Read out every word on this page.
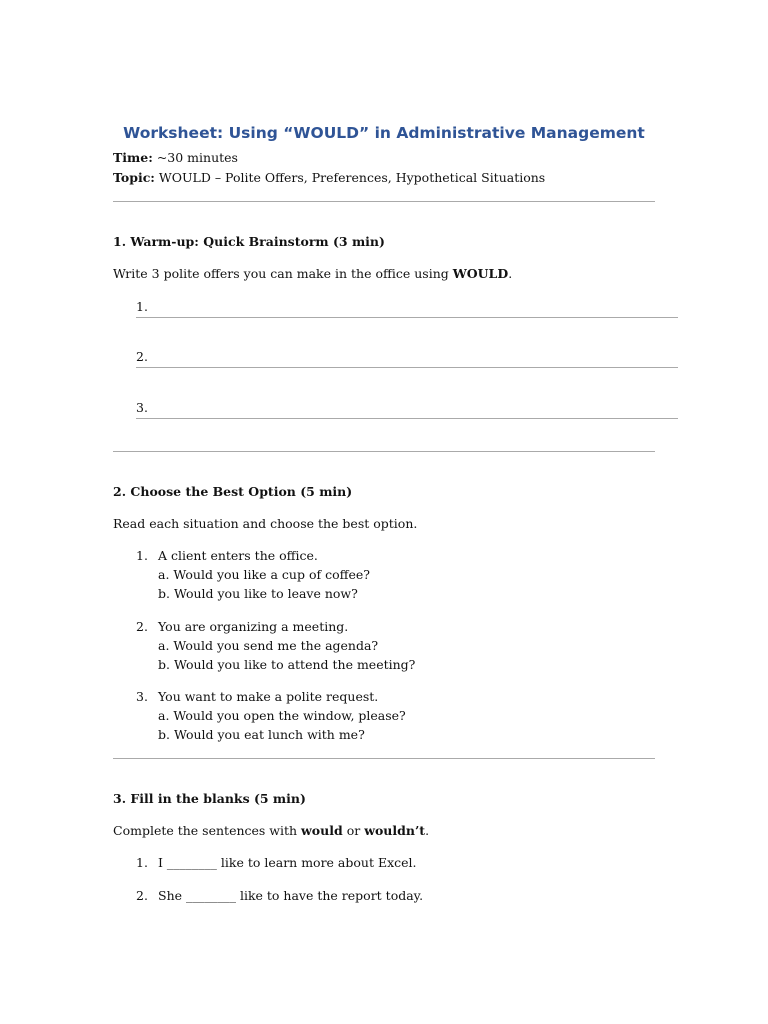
Worksheet: Using “WOULD” in Administrative Management
Time: ~30 minutes
Topic: WOULD – Polite Offers, Preferences, Hypothetical Situations
1. Warm-up: Quick Brainstorm (3 min)
Write 3 polite offers you can make in the office using WOULD.
1.
2.
3.
2. Choose the Best Option (5 min)
Read each situation and choose the best option.
1. A client enters the office.
a. Would you like a cup of coffee?
b. Would you like to leave now?
2. You are organizing a meeting.
a. Would you send me the agenda?
b. Would you like to attend the meeting?
3. You want to make a polite request.
a. Would you open the window, please?
b. Would you eat lunch with me?
3. Fill in the blanks (5 min)
Complete the sentences with would or wouldn’t.
1. I ________ like to learn more about Excel.
2. She ________ like to have the report today.
